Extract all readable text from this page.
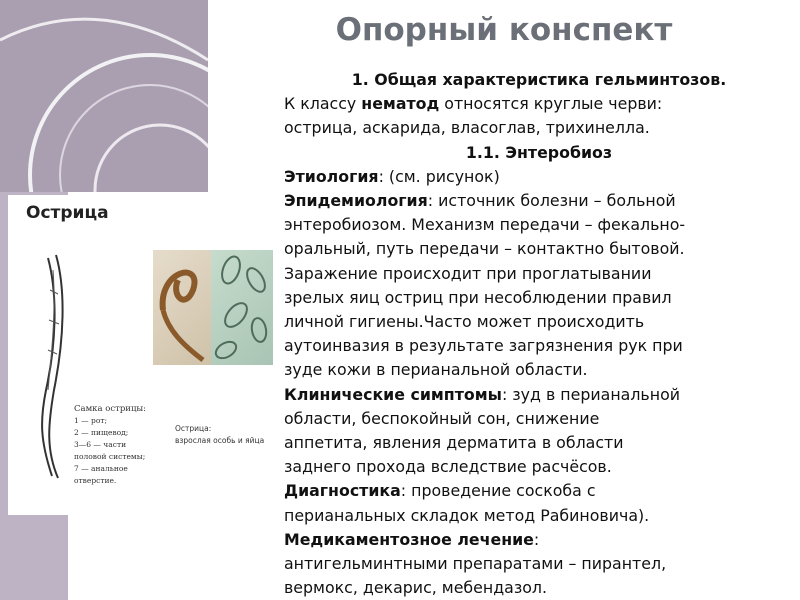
Опорный конспект
Острица
Самка острицы:
1 — рот;
2 — пищевод;
3—6 — части
половой системы;
7 — анальное
отверстие.
Острица:
взрослая особь и яйца

1. Общая характеристика гельминтозов.

К классу нематод относятся круглые черви:

острица, аскарида, власоглав, трихинелла.

1.1. Энтеробиоз

Этиология: (см. рисунок)

Эпидемиология: источник болезни – больной

энтеробиозом. Механизм передачи – фекально-

оральный, путь передачи – контактно бытовой.

Заражение происходит при проглатывании

зрелых яиц остриц при несоблюдении правил

личной гигиены.Часто может происходить

аутоинвазия в результате загрязнения рук при

зуде кожи в перианальной области.

Клинические симптомы: зуд в перианальной

области, беспокойный сон, снижение

аппетита, явления дерматита в области

заднего прохода вследствие расчёсов.

Диагностика: проведение соскоба с

перианальных складок метод Рабиновича).

Медикаментозное лечение:

антигельминтными препаратами – пирантел,

вермокс, декарис, мебендазол.
